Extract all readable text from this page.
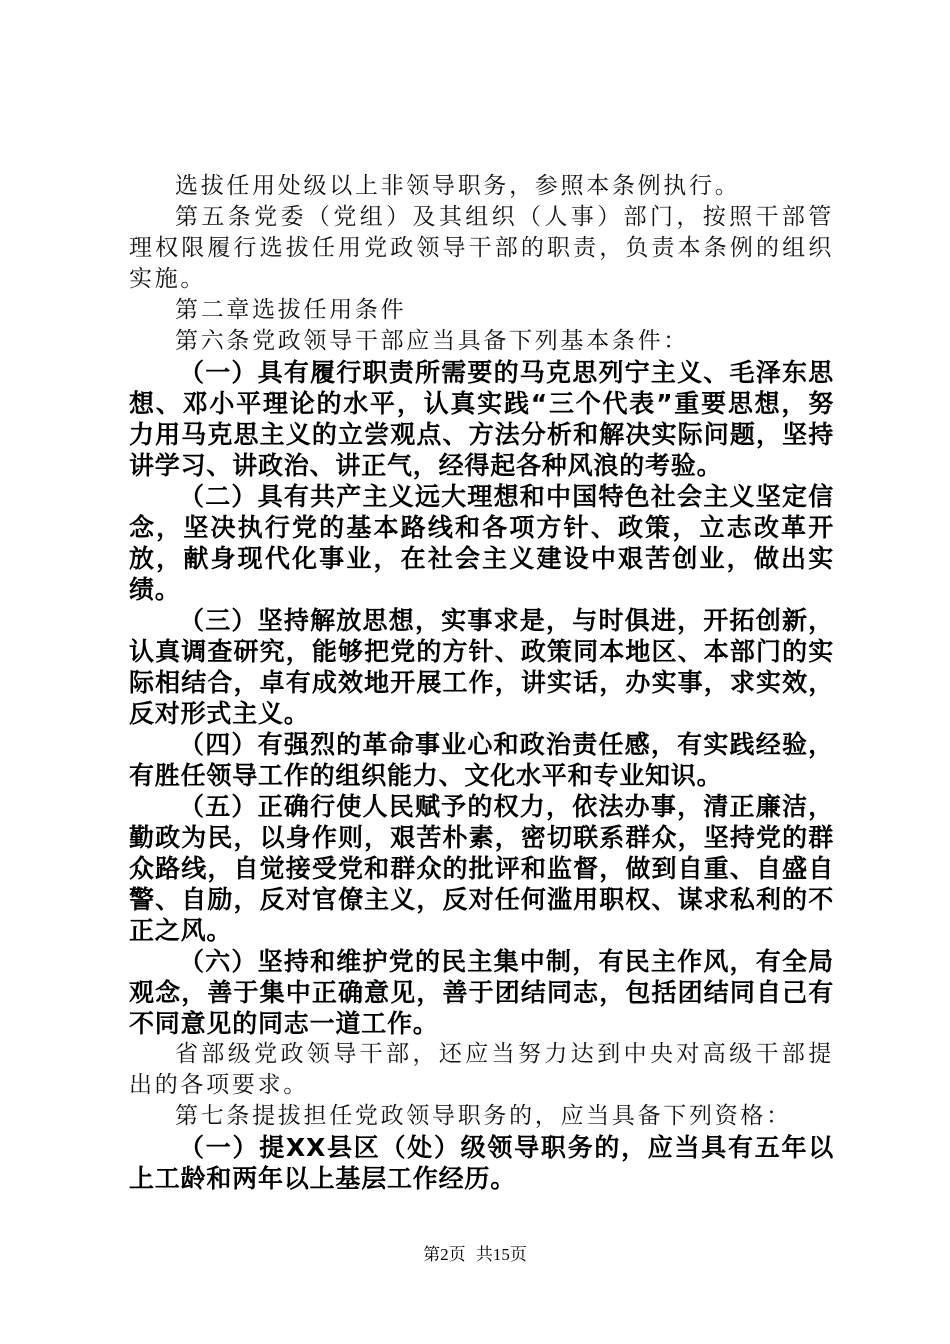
选拔任用处级以上非领导职务，参照本条例执行。

第五条党委（党组）及其组织（人事）部门，按照干部管理权限履行选拔任用党政领导干部的职责，负责本条例的组织实施。

第二章选拔任用条件

第六条党政领导干部应当具备下列基本条件：

（一）具有履行职责所需要的马克思列宁主义、毛泽东思想、邓小平理论的水平，认真实践“三个代表”重要思想，努力用马克思主义的立尝观点、方法分析和解决实际问题，坚持讲学习、讲政治、讲正气，经得起各种风浪的考验。

（二）具有共产主义远大理想和中国特色社会主义坚定信念，坚决执行党的基本路线和各项方针、政策，立志改革开放，献身现代化事业，在社会主义建设中艰苦创业，做出实绩。

（三）坚持解放思想，实事求是，与时俱进，开拓创新，认真调查研究，能够把党的方针、政策同本地区、本部门的实际相结合，卓有成效地开展工作，讲实话，办实事，求实效，反对形式主义。

（四）有强烈的革命事业心和政治责任感，有实践经验，有胜任领导工作的组织能力、文化水平和专业知识。

（五）正确行使人民赋予的权力，依法办事，清正廉洁，勤政为民，以身作则，艰苦朴素，密切联系群众，坚持党的群众路线，自觉接受党和群众的批评和监督，做到自重、自盛自警、自励，反对官僚主义，反对任何滥用职权、谋求私利的不正之风。

（六）坚持和维护党的民主集中制，有民主作风，有全局观念，善于集中正确意见，善于团结同志，包括团结同自己有不同意见的同志一道工作。

省部级党政领导干部，还应当努力达到中央对高级干部提出的各项要求。

第七条提拔担任党政领导职务的，应当具备下列资格：

（一）提XX县区（处）级领导职务的，应当具有五年以上工龄和两年以上基层工作经历。

第2页 共15页
